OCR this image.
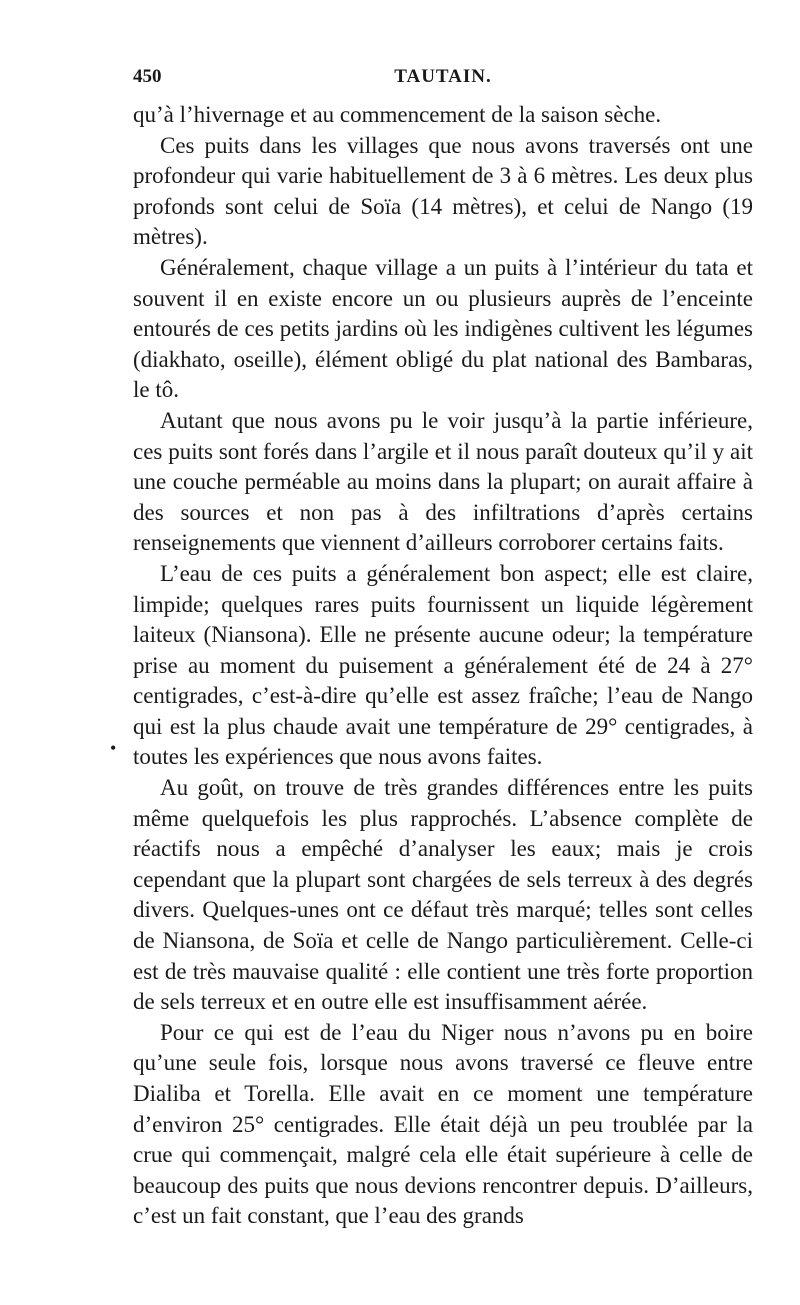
450	TAUTAIN.

qu’à l’hivernage et au commencement de la saison sèche.

Ces puits dans les villages que nous avons traversés ont une profondeur qui varie habituellement de 3 à 6 mètres. Les deux plus profonds sont celui de Soïa (14 mètres), et celui de Nango (19 mètres).

Généralement, chaque village a un puits à l’intérieur du tata et souvent il en existe encore un ou plusieurs auprès de l’enceinte entourés de ces petits jardins où les indigènes cultivent les légumes (diakhato, oseille), élément obligé du plat national des Bambaras, le tô.

Autant que nous avons pu le voir jusqu’à la partie inférieure, ces puits sont forés dans l’argile et il nous paraît douteux qu’il y ait une couche perméable au moins dans la plupart; on aurait affaire à des sources et non pas à des infiltrations d’après certains renseignements que viennent d’ailleurs corroborer certains faits.

L’eau de ces puits a généralement bon aspect; elle est claire, limpide; quelques rares puits fournissent un liquide légèrement laiteux (Niansona). Elle ne présente aucune odeur; la température prise au moment du puisement a généralement été de 24 à 27° centigrades, c’est-à-dire qu’elle est assez fraîche; l’eau de Nango qui est la plus chaude avait une température de 29° centigrades, à toutes les expériences que nous avons faites.

Au goût, on trouve de très grandes différences entre les puits même quelquefois les plus rapprochés. L’absence complète de réactifs nous a empêché d’analyser les eaux; mais je crois cependant que la plupart sont chargées de sels terreux à des degrés divers. Quelques-unes ont ce défaut très marqué; telles sont celles de Niansona, de Soïa et celle de Nango particulièrement. Celle-ci est de très mauvaise qualité : elle contient une très forte proportion de sels terreux et en outre elle est insuffisamment aérée.

Pour ce qui est de l’eau du Niger nous n’avons pu en boire qu’une seule fois, lorsque nous avons traversé ce fleuve entre Dialiba et Torella. Elle avait en ce moment une température d’environ 25° centigrades. Elle était déjà un peu troublée par la crue qui commençait, malgré cela elle était supérieure à celle de beaucoup des puits que nous devions rencontrer depuis. D’ailleurs, c’est un fait constant, que l’eau des grands

•
